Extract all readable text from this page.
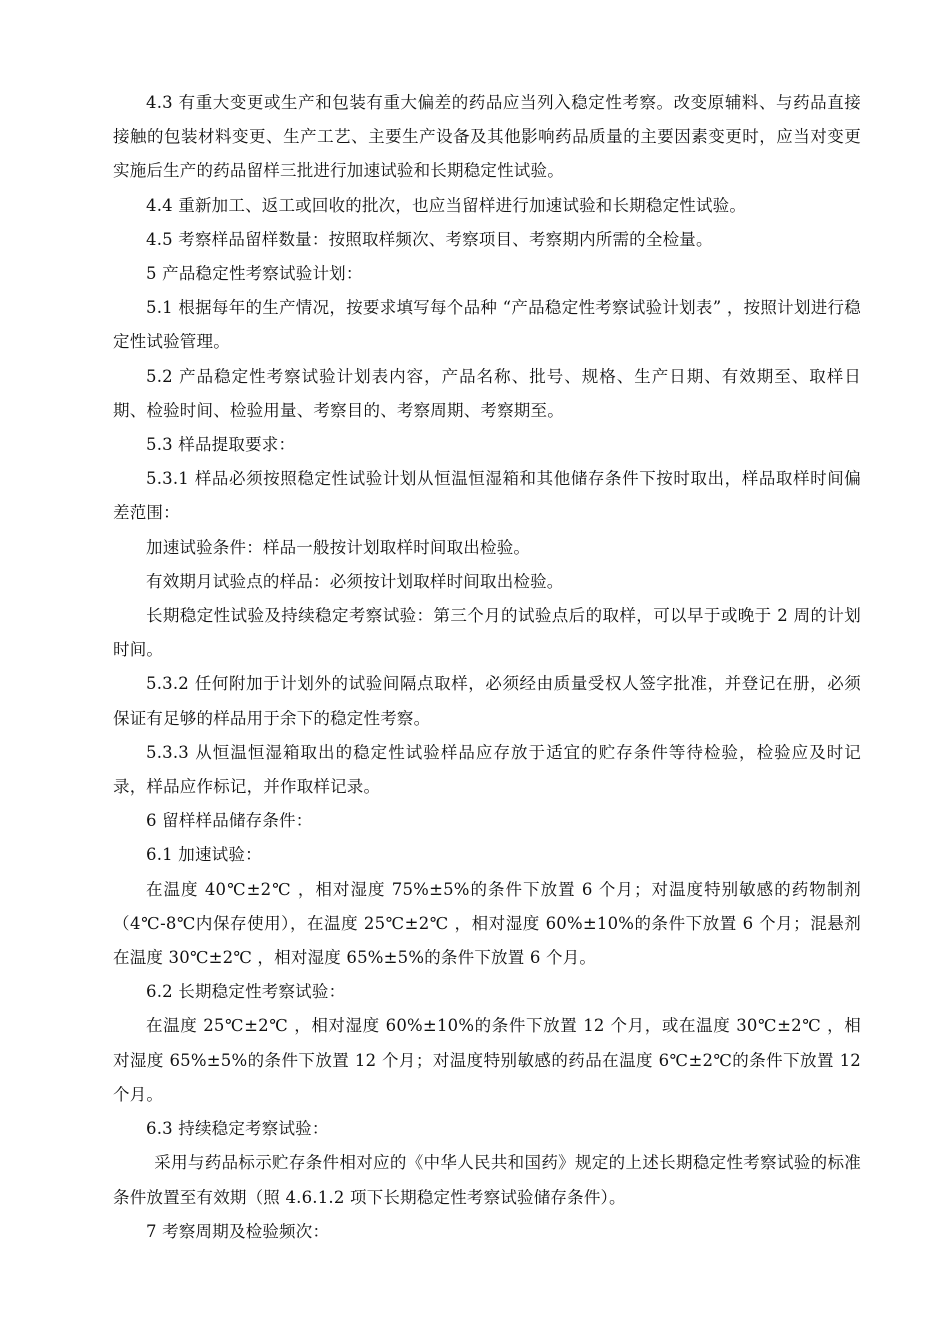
4.3 有重大变更或生产和包装有重大偏差的药品应当列入稳定性考察。改变原辅料、与药品直接接触的包装材料变更、生产工艺、主要生产设备及其他影响药品质量的主要因素变更时，应当对变更实施后生产的药品留样三批进行加速试验和长期稳定性试验。

4.4 重新加工、返工或回收的批次，也应当留样进行加速试验和长期稳定性试验。

4.5 考察样品留样数量：按照取样频次、考察项目、考察期内所需的全检量。

5 产品稳定性考察试验计划：

5.1 根据每年的生产情况，按要求填写每个品种 “产品稳定性考察试验计划表” ，按照计划进行稳定性试验管理。

5.2 产品稳定性考察试验计划表内容，产品名称、批号、规格、生产日期、有效期至、取样日期、检验时间、检验用量、考察目的、考察周期、考察期至。

5.3 样品提取要求：

5.3.1 样品必须按照稳定性试验计划从恒温恒湿箱和其他储存条件下按时取出，样品取样时间偏差范围：

加速试验条件：样品一般按计划取样时间取出检验。

有效期月试验点的样品：必须按计划取样时间取出检验。

长期稳定性试验及持续稳定考察试验：第三个月的试验点后的取样，可以早于或晚于 2 周的计划时间。

5.3.2 任何附加于计划外的试验间隔点取样，必须经由质量受权人签字批准，并登记在册，必须保证有足够的样品用于余下的稳定性考察。

5.3.3 从恒温恒湿箱取出的稳定性试验样品应存放于适宜的贮存条件等待检验，检验应及时记录，样品应作标记，并作取样记录。

6 留样样品储存条件：

6.1 加速试验：

在温度 40℃±2℃ ，相对湿度 75%±5%的条件下放置 6 个月；对温度特别敏感的药物制剂（4℃-8℃内保存使用），在温度 25℃±2℃ ，相对湿度 60%±10%的条件下放置 6 个月；混悬剂在温度 30℃±2℃ ，相对湿度 65%±5%的条件下放置 6 个月。

6.2 长期稳定性考察试验：

在温度 25℃±2℃ ，相对湿度 60%±10%的条件下放置 12 个月，或在温度 30℃±2℃ ，相对湿度 65%±5%的条件下放置 12 个月；对温度特别敏感的药品在温度 6℃±2℃的条件下放置 12 个月。

6.3 持续稳定考察试验：

采用与药品标示贮存条件相对应的《中华人民共和国药》规定的上述长期稳定性考察试验的标准条件放置至有效期（照 4.6.1.2 项下长期稳定性考察试验储存条件）。

7 考察周期及检验频次：
